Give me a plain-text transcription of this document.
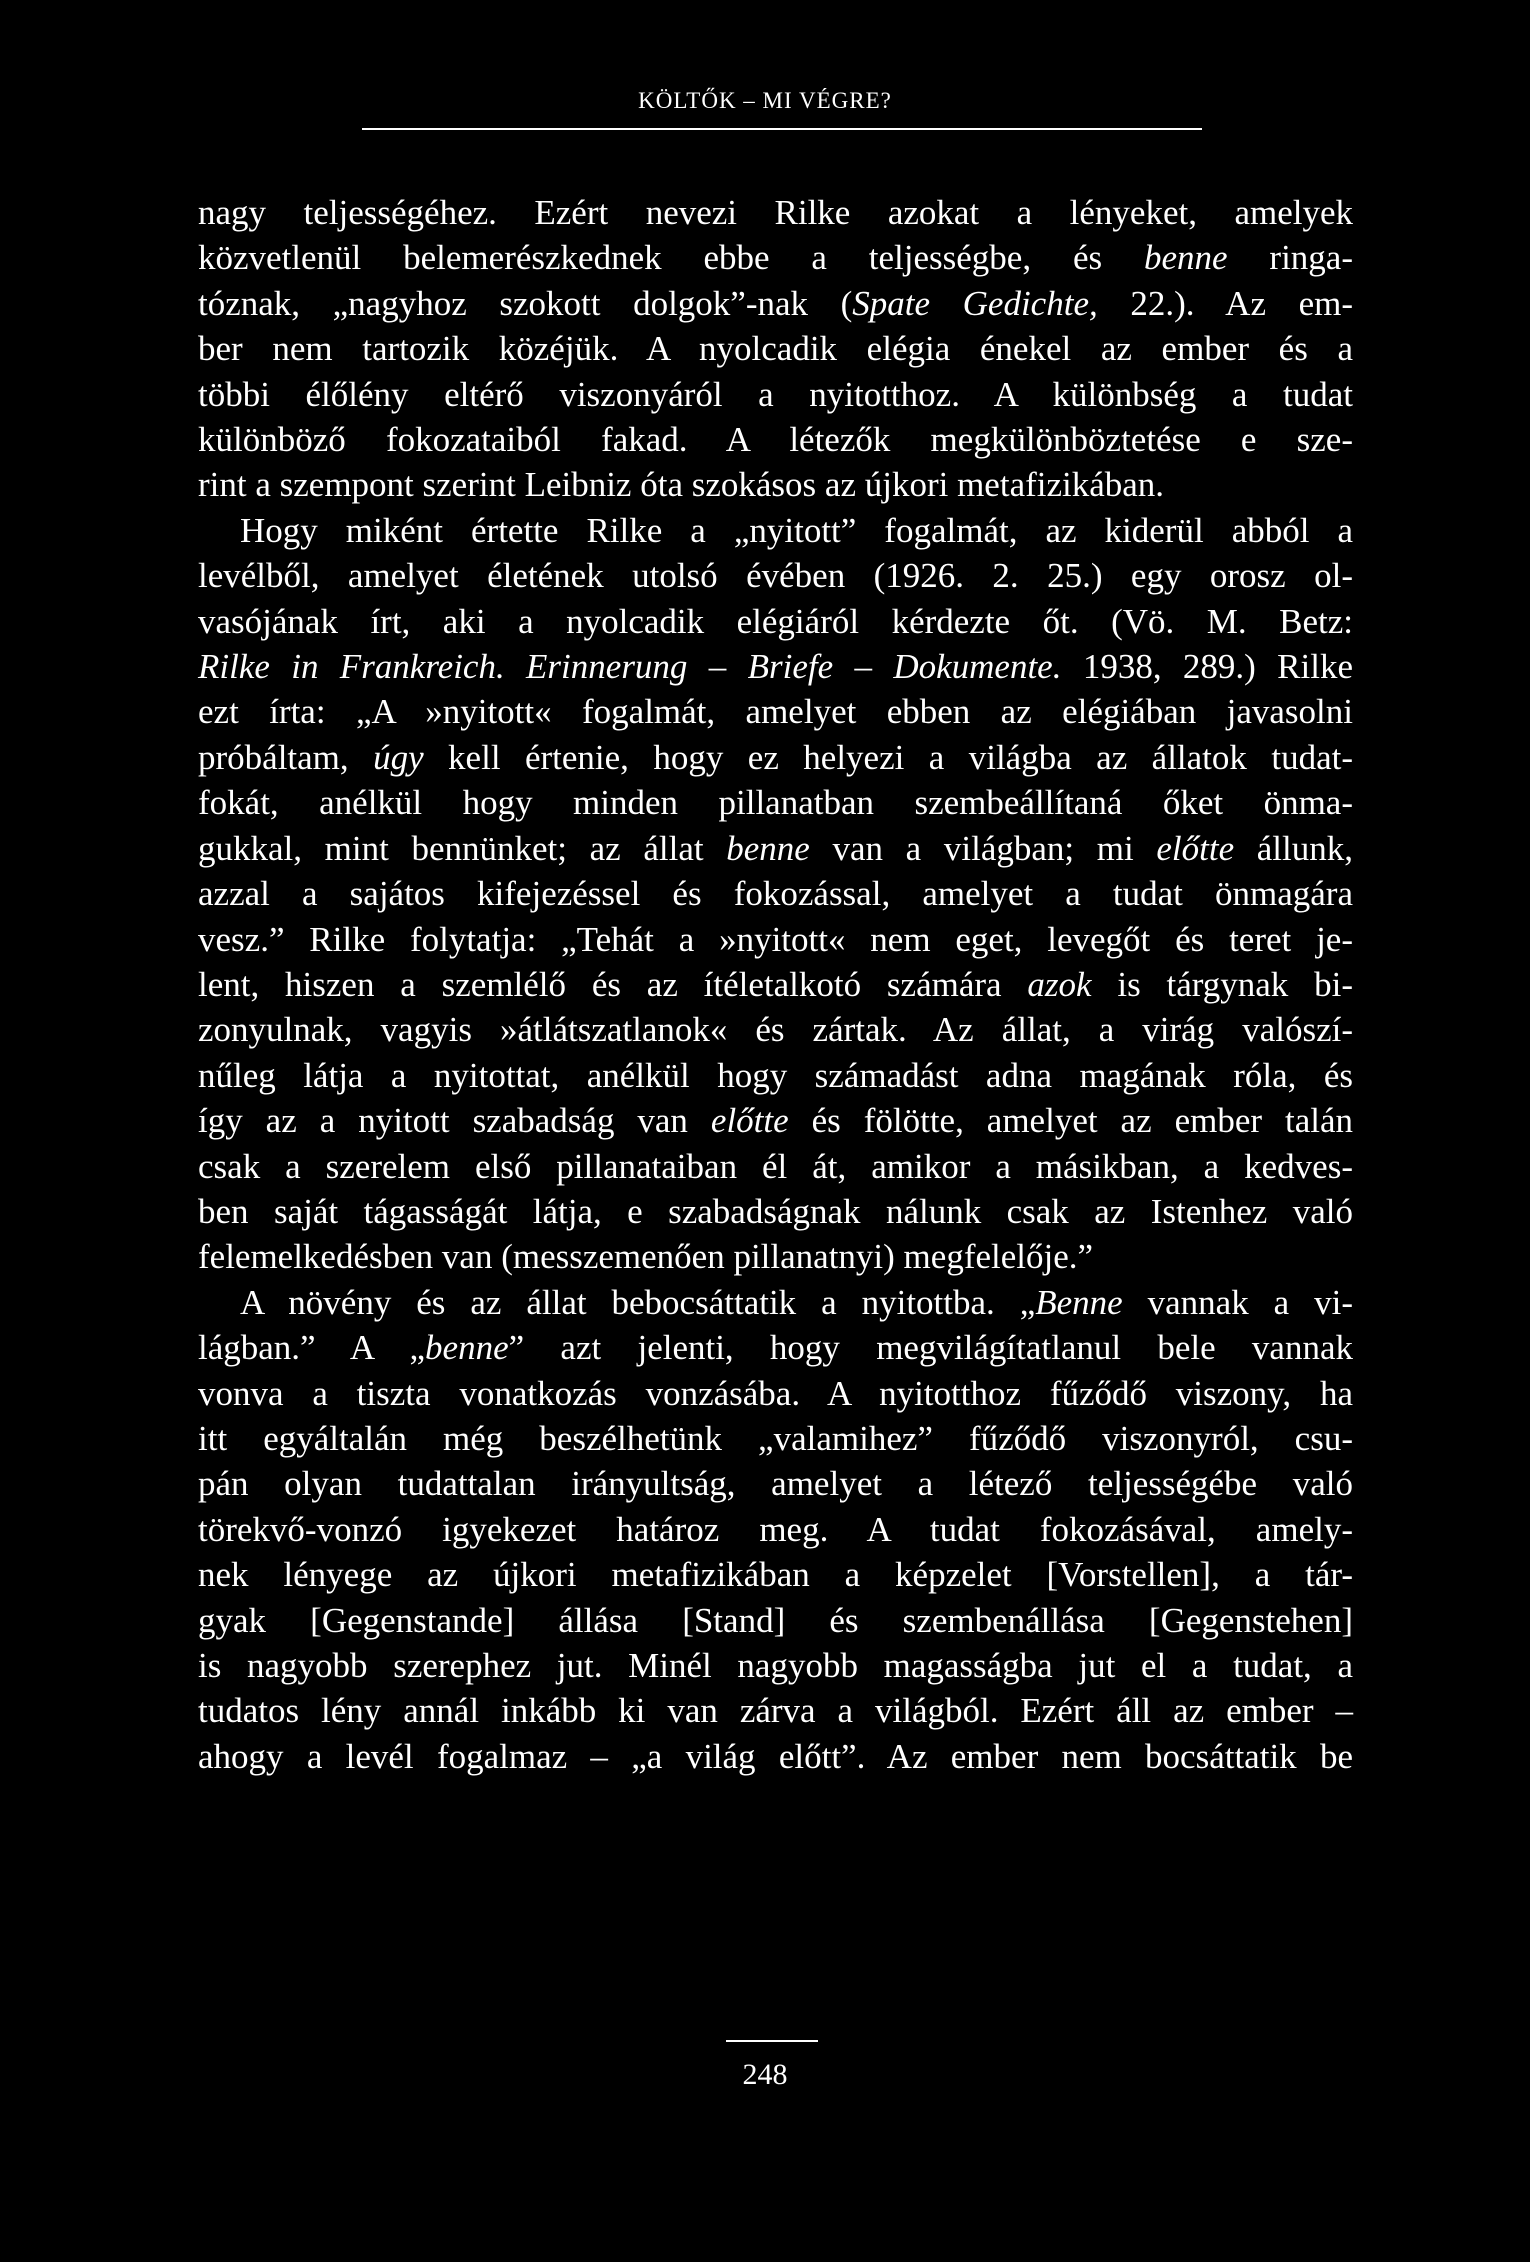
KÖLTŐK – MI VÉGRE?
nagy teljességéhez. Ezért nevezi Rilke azokat a lényeket, amelyek
közvetlenül belemerészkednek ebbe a teljességbe, és benne ringa-
tóznak, „nagyhoz szokott dolgok”-nak (Spate Gedichte, 22.). Az em-
ber nem tartozik közéjük. A nyolcadik elégia énekel az ember és a
többi élőlény eltérő viszonyáról a nyitotthoz. A különbség a tudat
különböző fokozataiból fakad. A létezők megkülönböztetése e sze-
rint a szempont szerint Leibniz óta szokásos az újkori metafizikában.
Hogy miként értette Rilke a „nyitott” fogalmát, az kiderül abból a
levélből, amelyet életének utolsó évében (1926. 2. 25.) egy orosz ol-
vasójának írt, aki a nyolcadik elégiáról kérdezte őt. (Vö. M. Betz:
Rilke in Frankreich. Erinnerung – Briefe – Dokumente. 1938, 289.) Rilke
ezt írta: „A »nyitott« fogalmát, amelyet ebben az elégiában javasolni
próbáltam, úgy kell értenie, hogy ez helyezi a világba az állatok tudat-
fokát, anélkül hogy minden pillanatban szembeállítaná őket önma-
gukkal, mint bennünket; az állat benne van a világban; mi előtte állunk,
azzal a sajátos kifejezéssel és fokozással, amelyet a tudat önmagára
vesz.” Rilke folytatja: „Tehát a »nyitott« nem eget, levegőt és teret je-
lent, hiszen a szemlélő és az ítéletalkotó számára azok is tárgynak bi-
zonyulnak, vagyis »átlátszatlanok« és zártak. Az állat, a virág valószí-
nűleg látja a nyitottat, anélkül hogy számadást adna magának róla, és
így az a nyitott szabadság van előtte és fölötte, amelyet az ember talán
csak a szerelem első pillanataiban él át, amikor a másikban, a kedves-
ben saját tágasságát látja, e szabadságnak nálunk csak az Istenhez való
felemelkedésben van (messzemenően pillanatnyi) megfelelője.”
A növény és az állat bebocsáttatik a nyitottba. „Benne vannak a vi-
lágban.” A „benne” azt jelenti, hogy megvilágítatlanul bele vannak
vonva a tiszta vonatkozás vonzásába. A nyitotthoz fűződő viszony, ha
itt egyáltalán még beszélhetünk „valamihez” fűződő viszonyról, csu-
pán olyan tudattalan irányultság, amelyet a létező teljességébe való
törekvő-vonzó igyekezet határoz meg. A tudat fokozásával, amely-
nek lényege az újkori metafizikában a képzelet [Vorstellen], a tár-
gyak [Gegenstande] állása [Stand] és szembenállása [Gegenstehen]
is nagyobb szerephez jut. Minél nagyobb magasságba jut el a tudat, a
tudatos lény annál inkább ki van zárva a világból. Ezért áll az ember –
ahogy a levél fogalmaz – „a világ előtt”. Az ember nem bocsáttatik be
248
